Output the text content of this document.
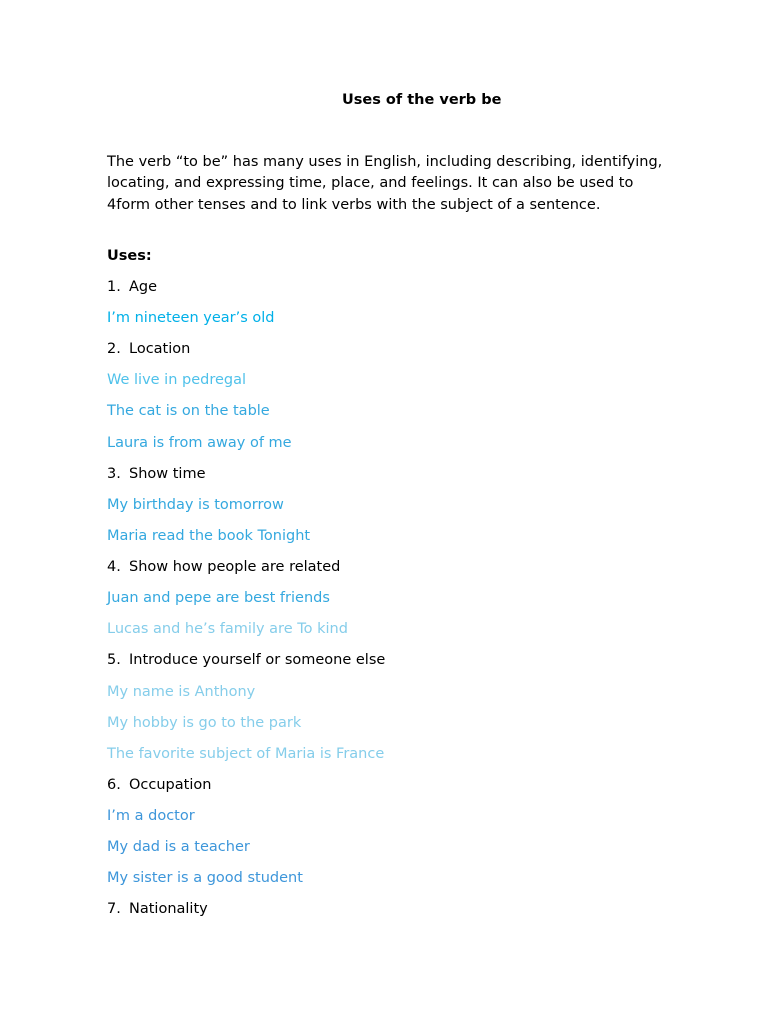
Uses of the verb be
The verb “to be” has many uses in English, including describing, identifying, locating, and expressing time, place, and feelings. It can also be used to 4form other tenses and to link verbs with the subject of a sentence.
Uses:
1. Age
I’m nineteen year’s old
2. Location
We live in pedregal
The cat is on the table
Laura is from away of me
3. Show time
My birthday is tomorrow
Maria read the book Tonight
4. Show how people are related
Juan and pepe are best friends
Lucas and he’s family are To kind
5. Introduce yourself or someone else
My name is Anthony
My hobby is go to the park
The favorite subject of Maria is France
6. Occupation
I’m a doctor
My dad is a teacher
My sister is a good student
7. Nationality
